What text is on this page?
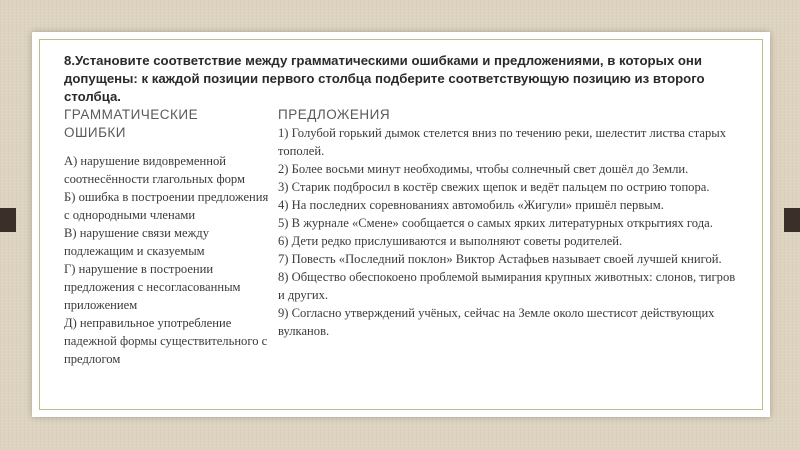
8.Установите соответствие между грамматическими ошибками и предложениями, в которых они допущены: к каждой позиции первого столбца подберите соответствующую позицию из второго столбца.

ГРАММАТИЧЕСКИЕ ОШИБКИ

ПРЕДЛОЖЕНИЯ

А) нарушение видовременной соотнесённости глагольных форм
Б) ошибка в построении предложения с однородными членами
В) нарушение связи между подлежащим и сказуемым
Г) нарушение в построении предложения с несогласованным приложением
Д) неправильное употребление падежной формы существительного с предлогом
1) Голубой горький дымок стелется вниз по течению реки, шелестит листва старых тополей.
2) Более восьми минут необходимы, чтобы солнечный свет дошёл до Земли.
3) Старик подбросил в костёр свежих щепок и ведёт пальцем по острию топора.
4) На последних соревнованиях автомобиль «Жигули» пришёл первым.
5) В журнале «Смене» сообщается о самых ярких литературных открытиях года.
6) Дети редко прислушиваются и выполняют советы родителей.
7) Повесть «Последний поклон» Виктор Астафьев называет своей лучшей книгой.
8) Общество обеспокоено проблемой вымирания крупных животных: слонов, тигров и других.
9) Согласно утверждений учёных, сейчас на Земле около шестисот действующих вулканов.
